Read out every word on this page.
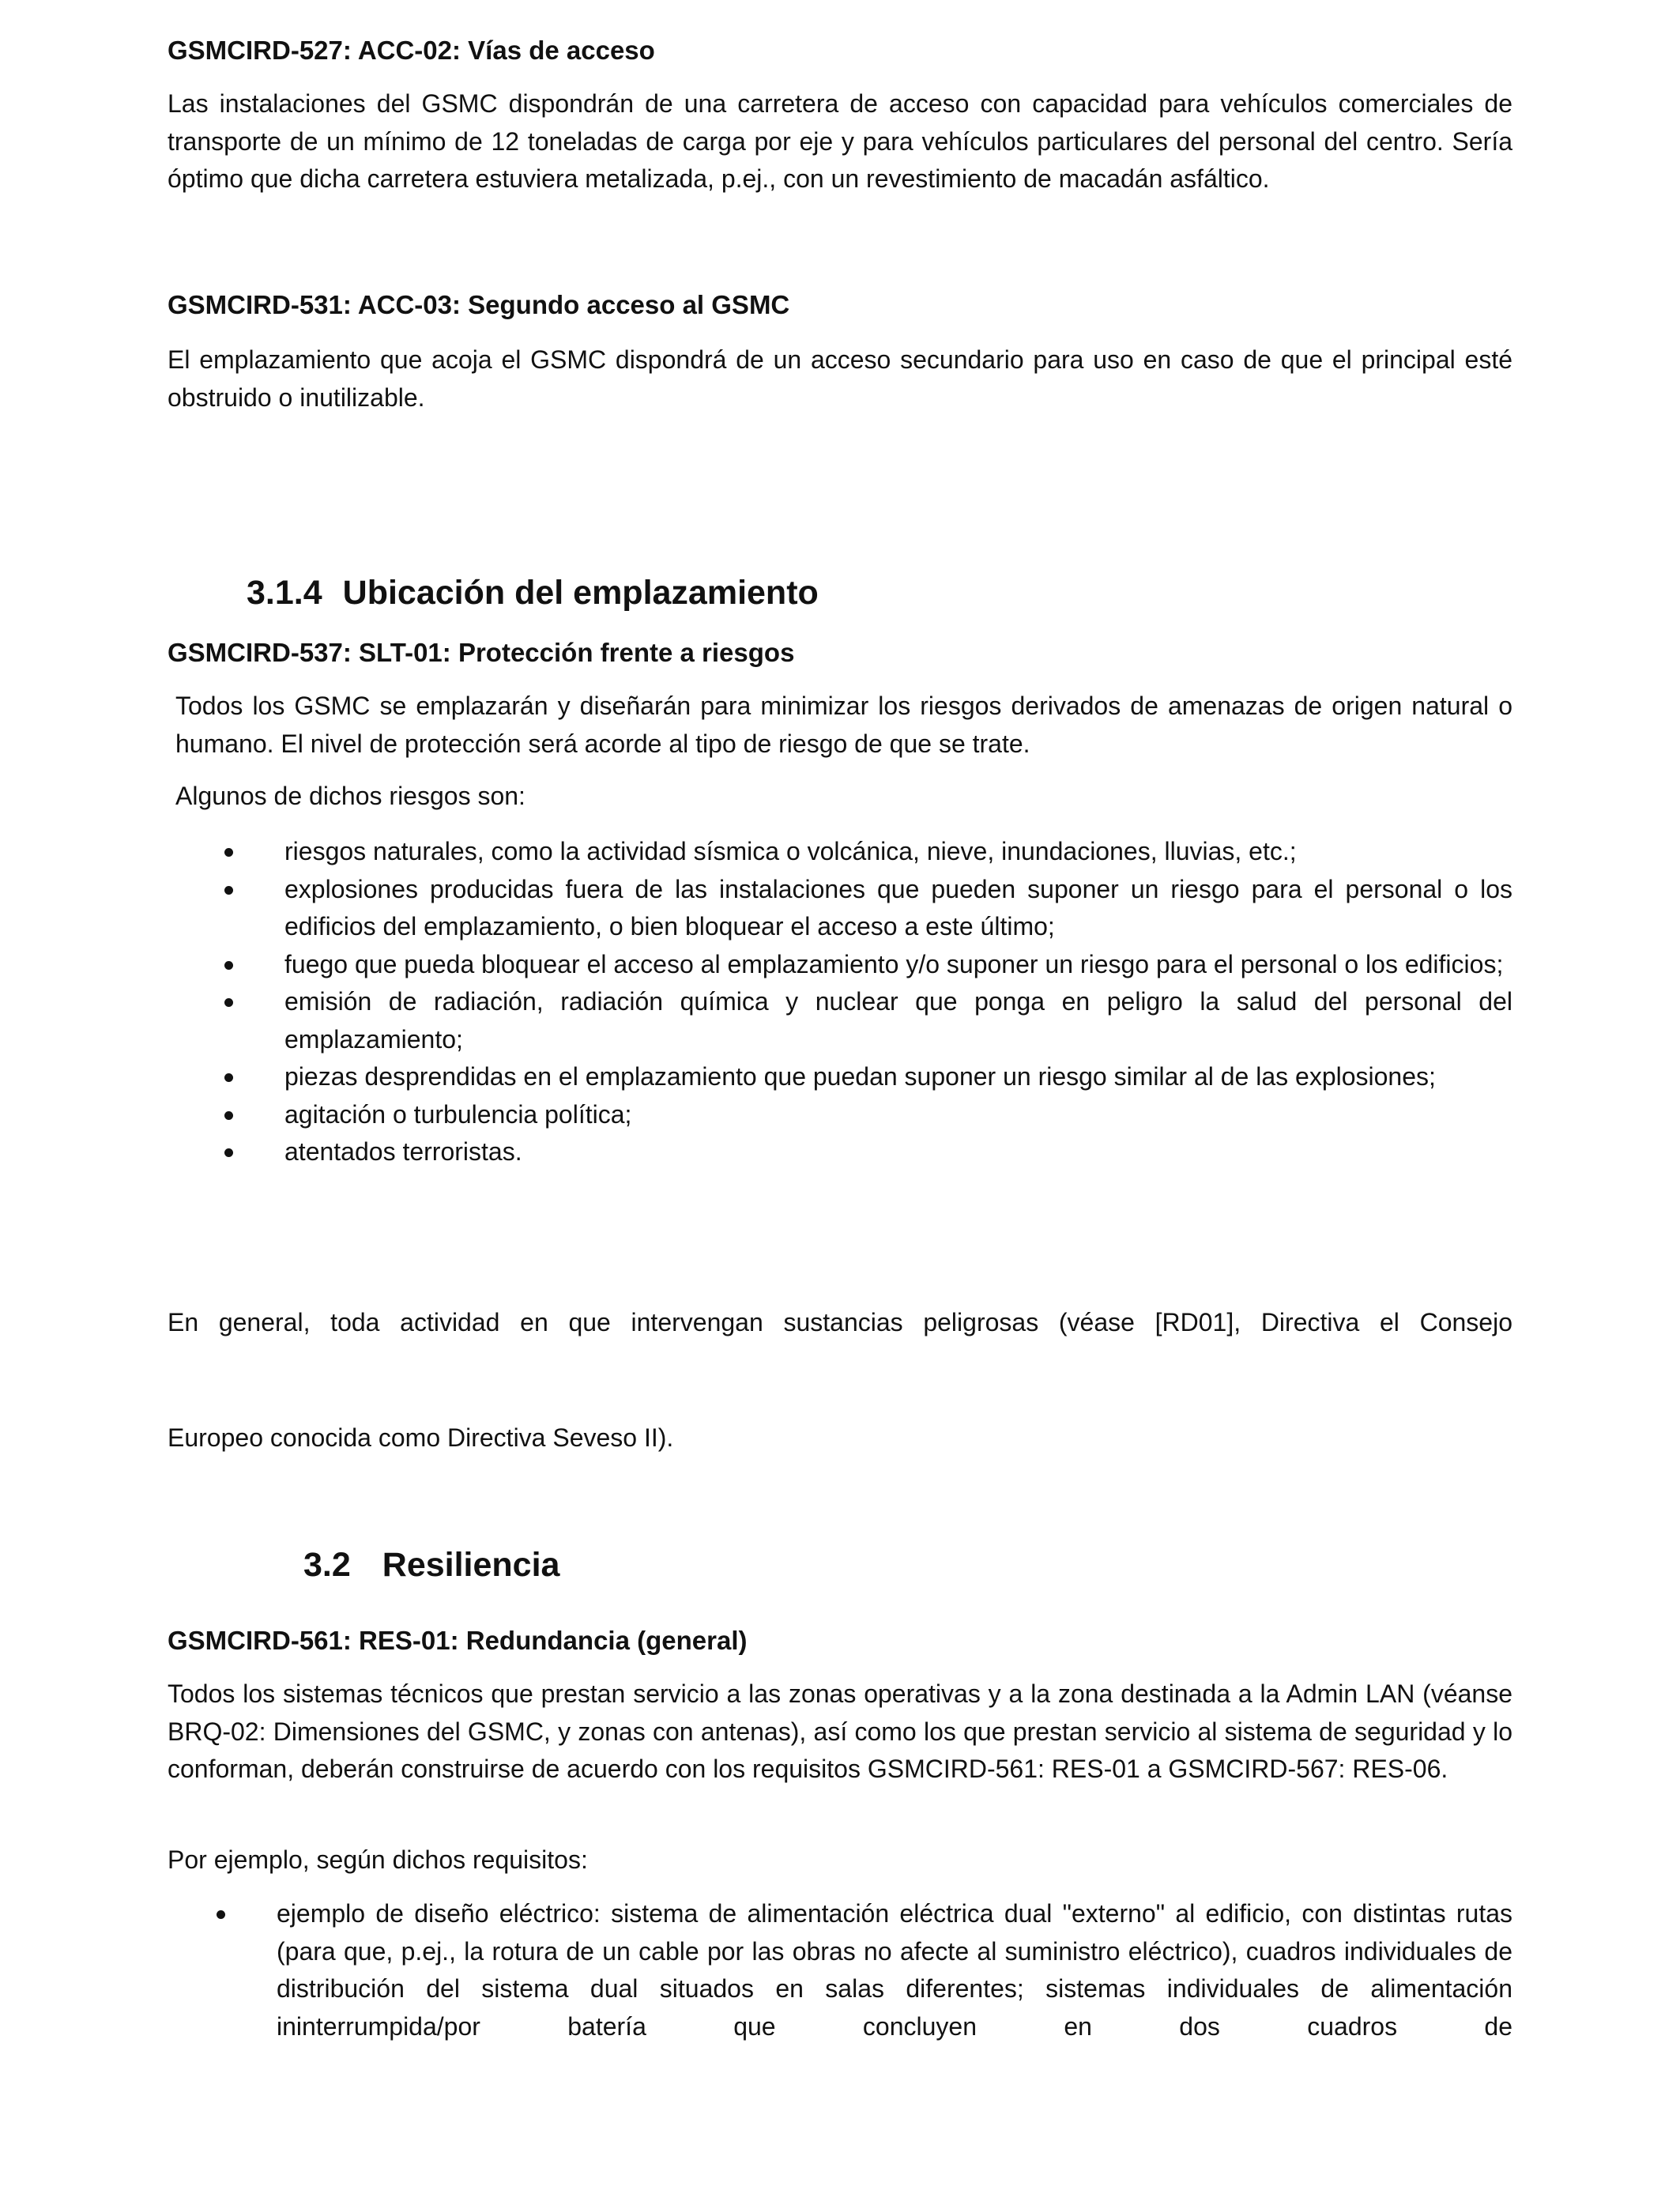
GSMCIRD-527: ACC-02: Vías de acceso

Las instalaciones del GSMC dispondrán de una carretera de acceso con capacidad para vehículos comerciales de transporte de un mínimo de 12 toneladas de carga por eje y para vehículos particulares del personal del centro. Sería óptimo que dicha carretera estuviera metalizada, p.ej., con un revestimiento de macadán asfáltico.

GSMCIRD-531: ACC-03: Segundo acceso al GSMC

El emplazamiento que acoja el GSMC dispondrá de un acceso secundario para uso en caso de que el principal esté obstruido o inutilizable.

3.1.4 Ubicación del emplazamiento
GSMCIRD-537: SLT-01: Protección frente a riesgos

Todos los GSMC se emplazarán y diseñarán para minimizar los riesgos derivados de amenazas de origen natural o humano. El nivel de protección será acorde al tipo de riesgo de que se trate.

Algunos de dichos riesgos son:

riesgos naturales, como la actividad sísmica o volcánica, nieve, inundaciones, lluvias, etc.;
explosiones producidas fuera de las instalaciones que pueden suponer un riesgo para el personal o los edificios del emplazamiento, o bien bloquear el acceso a este último;
fuego que pueda bloquear el acceso al emplazamiento y/o suponer un riesgo para el personal o los edificios;
emisión de radiación, radiación química y nuclear que ponga en peligro la salud del personal del emplazamiento;
piezas desprendidas en el emplazamiento que puedan suponer un riesgo similar al de las explosiones;
agitación o turbulencia política;
atentados terroristas.

En general, toda actividad en que intervengan sustancias peligrosas (véase [RD01], Directiva el Consejo

Europeo conocida como Directiva Seveso II).

3.2 Resiliencia
GSMCIRD-561: RES-01: Redundancia (general)

Todos los sistemas técnicos que prestan servicio a las zonas operativas y a la zona destinada a la Admin LAN (véanse BRQ-02: Dimensiones del GSMC, y zonas con antenas), así como los que prestan servicio al sistema de seguridad y lo conforman, deberán construirse de acuerdo con los requisitos GSMCIRD-561: RES-01 a GSMCIRD-567: RES-06.

Por ejemplo, según dichos requisitos:

ejemplo de diseño eléctrico: sistema de alimentación eléctrica dual "externo" al edificio, con distintas rutas (para que, p.ej., la rotura de un cable por las obras no afecte al suministro eléctrico), cuadros individuales de distribución del sistema dual situados en salas diferentes; sistemas individuales de alimentación ininterrumpida/por batería que concluyen en dos cuadros de
